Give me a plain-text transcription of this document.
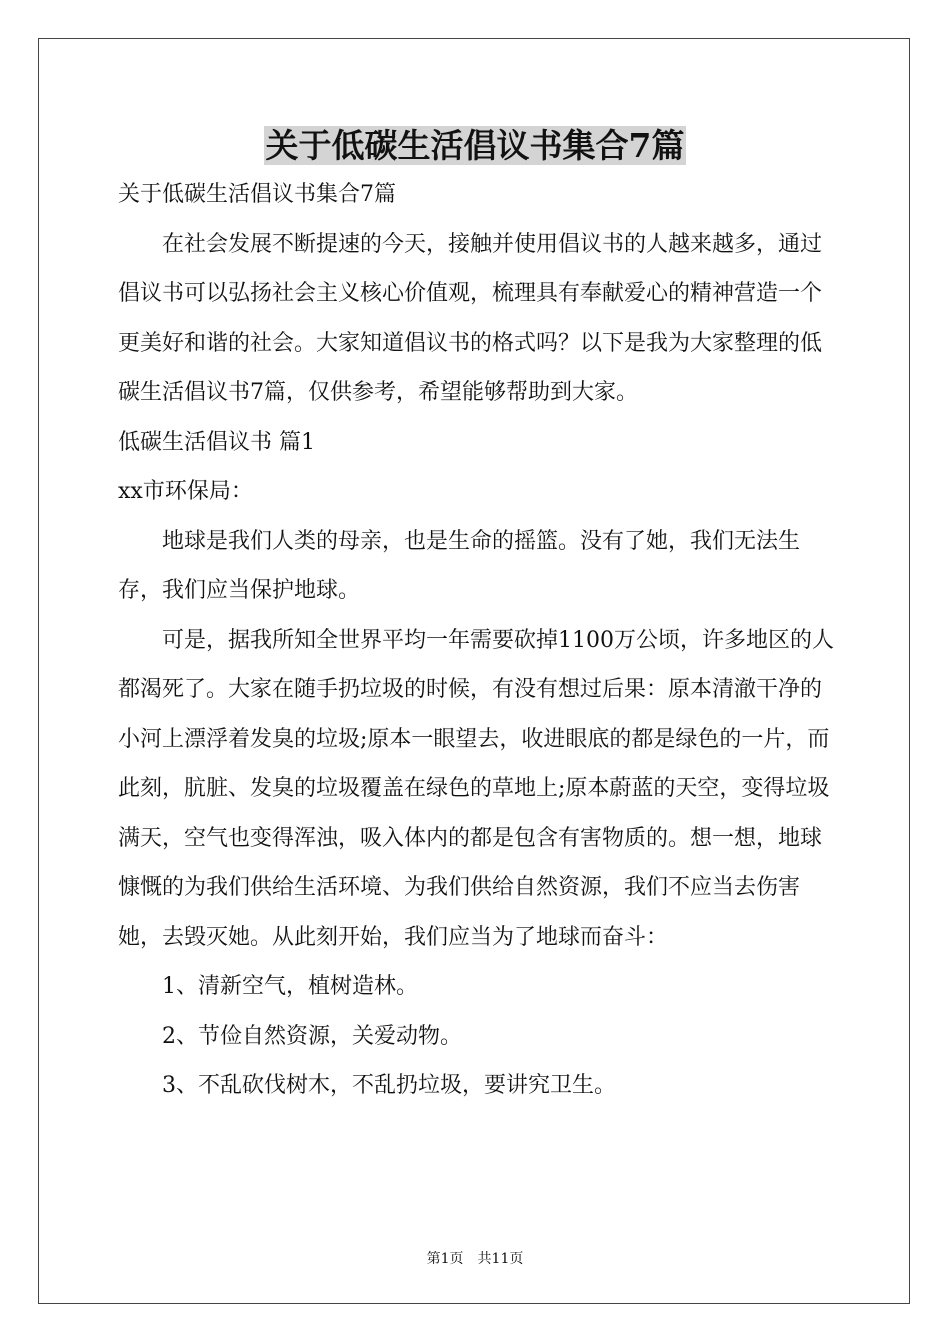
关于低碳生活倡议书集合7篇

关于低碳生活倡议书集合7篇

在社会发展不断提速的今天，接触并使用倡议书的人越来越多，通过倡议书可以弘扬社会主义核心价值观，梳理具有奉献爱心的精神营造一个更美好和谐的社会。大家知道倡议书的格式吗？以下是我为大家整理的低碳生活倡议书7篇，仅供参考，希望能够帮助到大家。

低碳生活倡议书 篇1

xx市环保局：

地球是我们人类的母亲，也是生命的摇篮。没有了她，我们无法生存，我们应当保护地球。

可是，据我所知全世界平均一年需要砍掉1100万公顷，许多地区的人都渴死了。大家在随手扔垃圾的时候，有没有想过后果：原本清澈干净的小河上漂浮着发臭的垃圾;原本一眼望去，收进眼底的都是绿色的一片，而此刻，肮脏、发臭的垃圾覆盖在绿色的草地上;原本蔚蓝的天空，变得垃圾满天，空气也变得浑浊，吸入体内的都是包含有害物质的。想一想，地球慷慨的为我们供给生活环境、为我们供给自然资源，我们不应当去伤害她，去毁灭她。从此刻开始，我们应当为了地球而奋斗：

1、清新空气，植树造林。

2、节俭自然资源，关爱动物。

3、不乱砍伐树木，不乱扔垃圾，要讲究卫生。

第1页　共11页
